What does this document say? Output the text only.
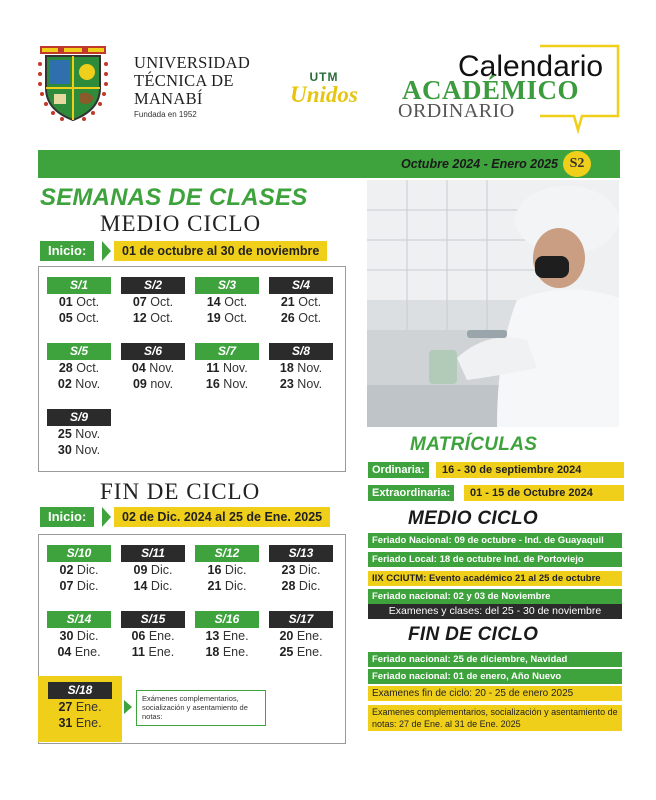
UNIVERSIDAD
TÉCNICA DE
MANABÍ
Fundada en 1952
UTM
Unidos
Calendario
ACADÉMICO
ORDINARIO
Octubre 2024 - Enero 2025 S2
SEMANAS DE CLASES
MEDIO CICLO
Inicio:	01 de octubre al 30 de noviembre
S/1
01 Oct.
05 Oct.
S/2
07 Oct.
12 Oct.
S/3
14 Oct.
19 Oct.
S/4
21 Oct.
26 Oct.
S/5
28 Oct.
02 Nov.
S/6
04 Nov.
09 nov.
S/7
11 Nov.
16 Nov.
S/8
18 Nov.
23 Nov.
S/9
25 Nov.
30 Nov.
FIN DE CICLO
Inicio:	02 de Dic. 2024 al 25 de Ene. 2025
S/10
02 Dic.
07 Dic.
S/11
09 Dic.
14 Dic.
S/12
16 Dic.
21 Dic.
S/13
23 Dic.
28 Dic.
S/14
30 Dic.
04 Ene.
S/15
06 Ene.
11 Ene.
S/16
13 Ene.
18 Ene.
S/17
20 Ene.
25 Ene.
S/18
27 Ene.
31 Ene.
Exámenes complementarios, socialización y asentamiento de notas:
MATRÍCULAS
Ordinaria:	16 - 30 de septiembre 2024
Extraordinaria:	01 - 15 de Octubre 2024
MEDIO CICLO
Feriado Nacional: 09 de octubre - Ind. de Guayaquil
Feriado Local: 18 de octubre Ind. de Portoviejo
IIX CCIUTM: Evento académico 21 al 25 de octubre
Feriado nacional: 02 y 03 de Noviembre
Examenes y clases: del 25 - 30 de noviembre
FIN DE CICLO
Feriado nacional: 25 de diciembre, Navidad
Feriado nacional: 01 de enero, Año Nuevo
Examenes fin de ciclo: 20 - 25 de enero 2025
Examenes complementarios, socialización y asentamiento de notas: 27 de Ene. al 31 de Ene. 2025
